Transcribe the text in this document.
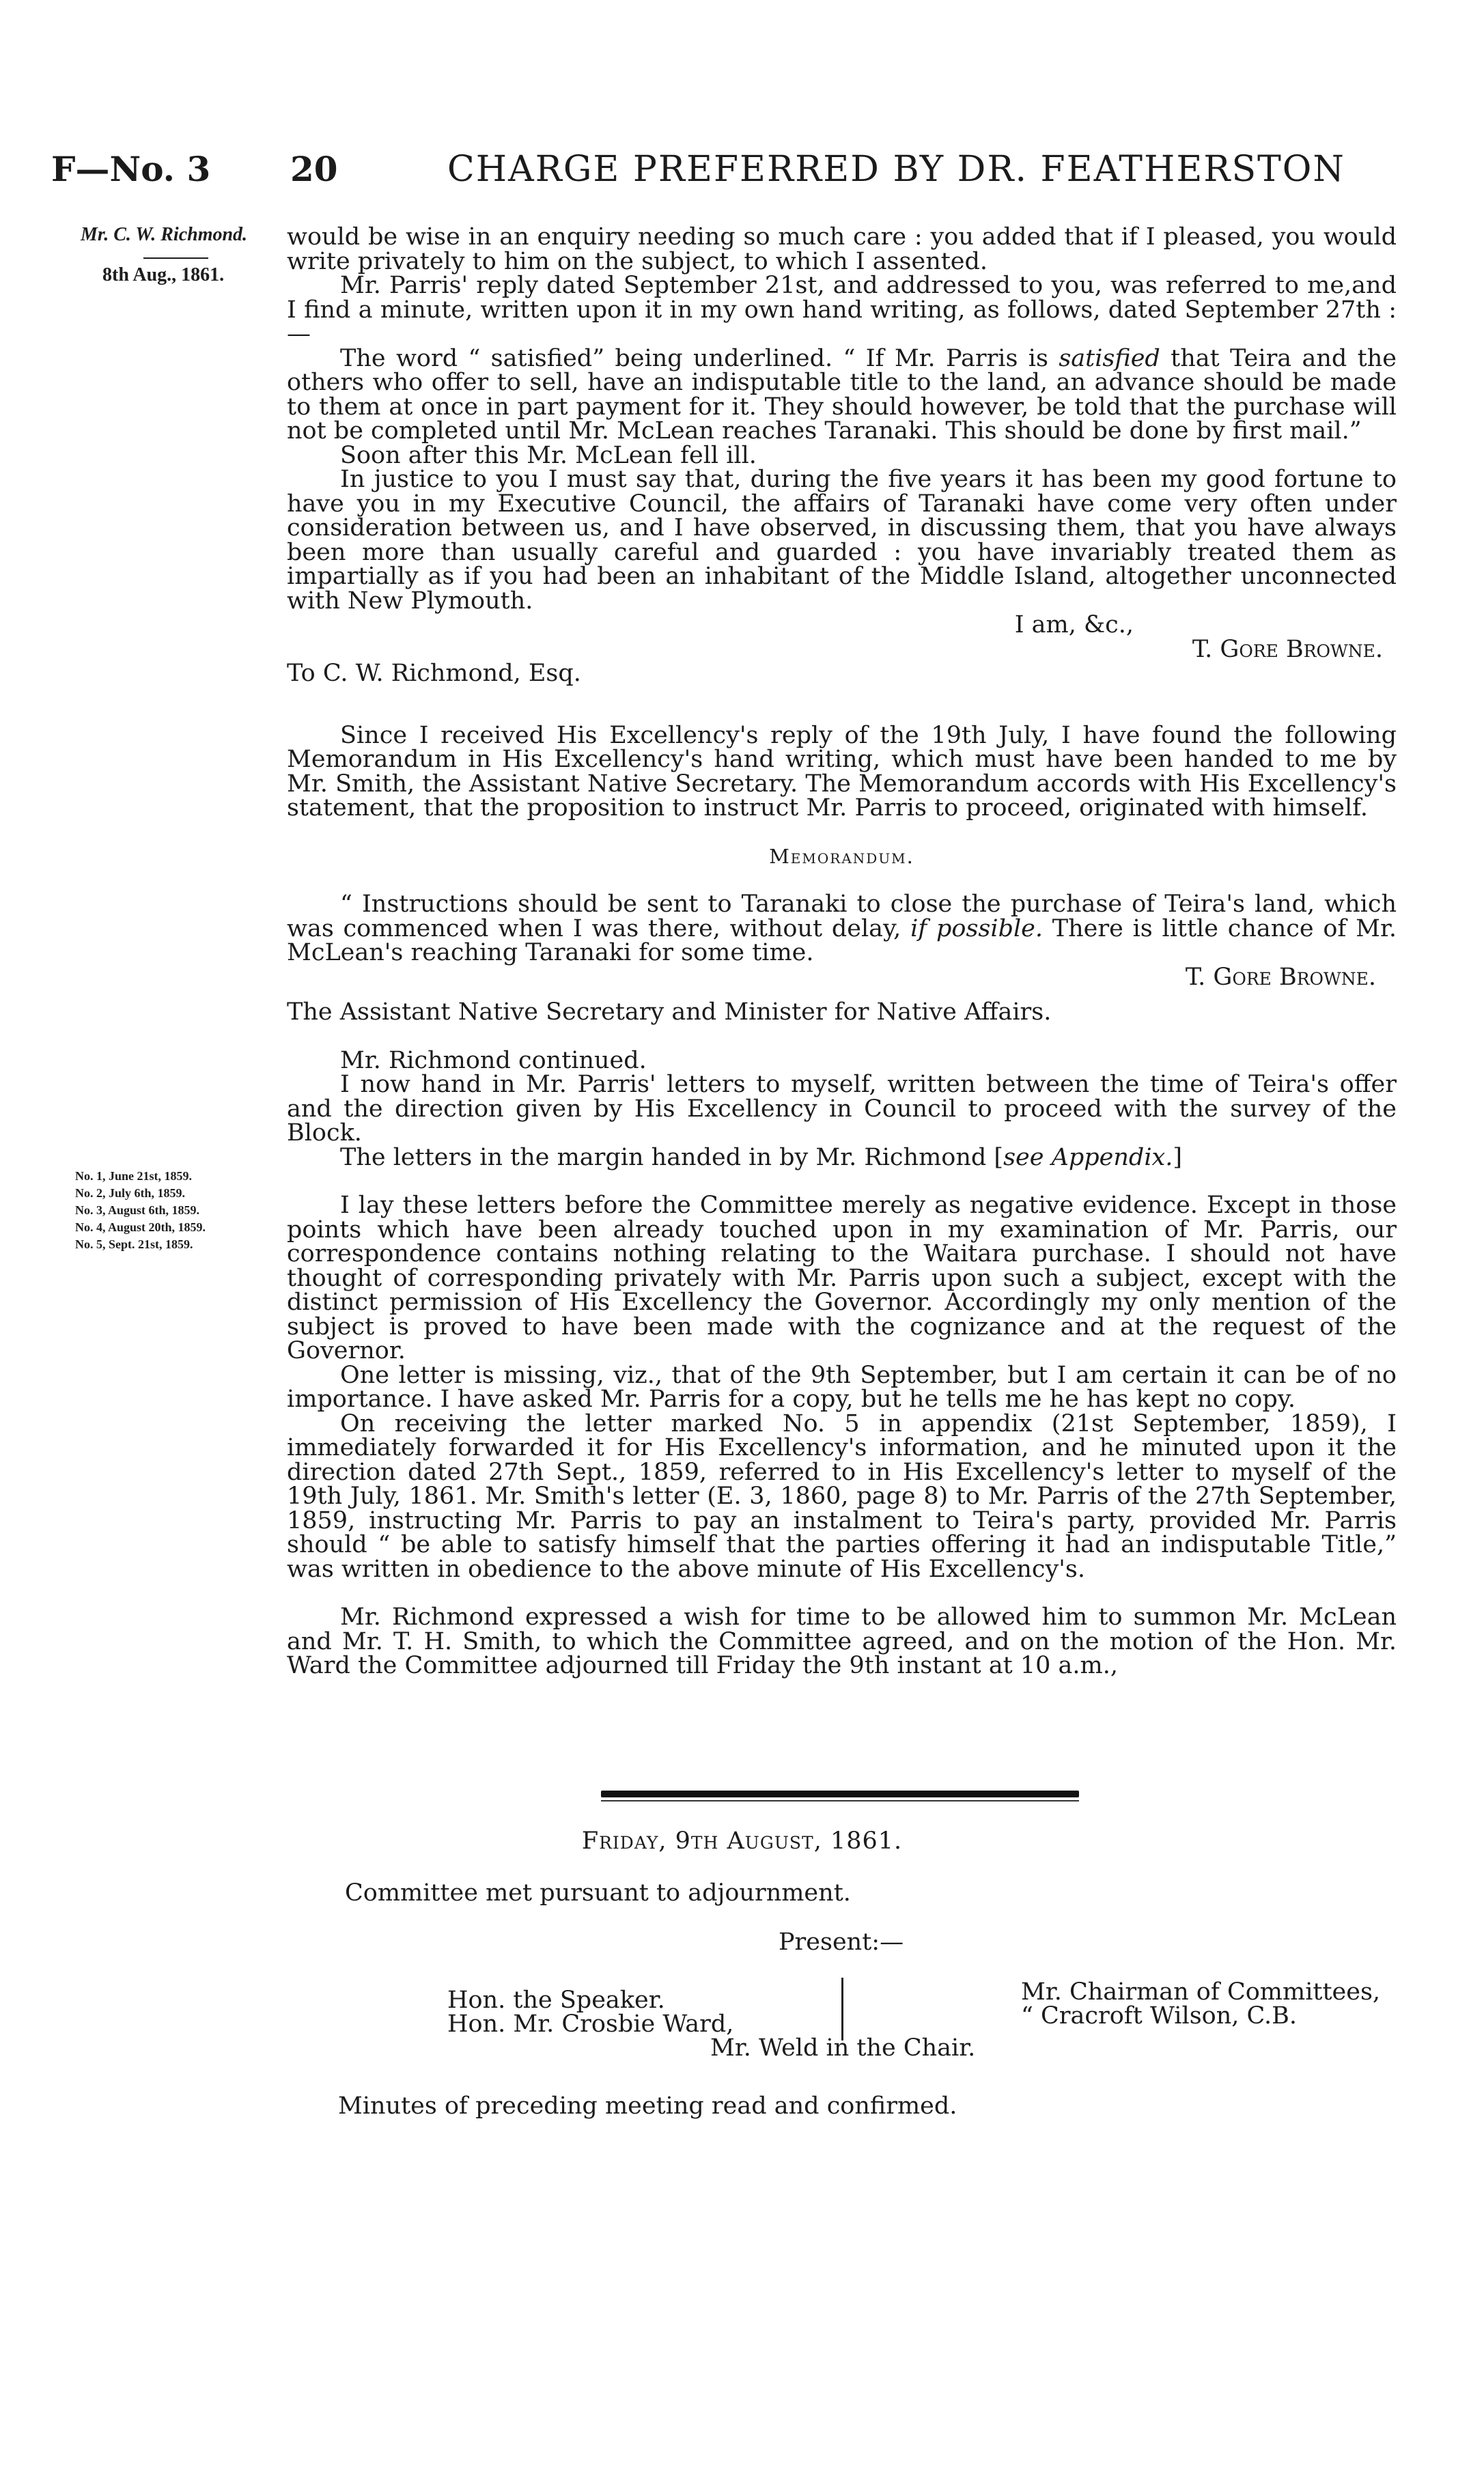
F—No. 3 20	CHARGE PREFERRED BY DR. FEATHERSTON
Mr. C. W. Richmond.
8th Aug., 1861.
No. 1, June 21st, 1859.
No. 2, July 6th, 1859.
No. 3, August 6th, 1859.
No. 4, August 20th, 1859.
No. 5, Sept. 21st, 1859.

would be wise in an enquiry needing so much care : you added that if I pleased, you would write privately to him on the subject, to which I assented.

Mr. Parris' reply dated September 21st, and addressed to you, was referred to me,and I find a minute, written upon it in my own hand writing, as follows, dated September 27th :—

The word “ satisfied” being underlined. “ If Mr. Parris is satisfied that Teira and the others who offer to sell, have an indisputable title to the land, an advance should be made to them at once in part payment for it. They should however, be told that the purchase will not be completed until Mr. McLean reaches Taranaki. This should be done by first mail.”

Soon after this Mr. McLean fell ill.

In justice to you I must say that, during the five years it has been my good fortune to have you in my Executive Council, the affairs of Taranaki have come very often under consideration between us, and I have observed, in discussing them, that you have always been more than usually careful and guarded : you have invariably treated them as impartially as if you had been an inhabitant of the Middle Island, altogether unconnected with New Plymouth.

I am, &c.,

T. Gore Browne.

To C. W. Richmond, Esq.

Since I received His Excellency's reply of the 19th July, I have found the following Memorandum in His Excellency's hand writing, which must have been handed to me by Mr. Smith, the Assistant Native Secretary. The Memorandum accords with His Excellency's statement, that the proposition to instruct Mr. Parris to proceed, originated with himself.

Memorandum.

“ Instructions should be sent to Taranaki to close the purchase of Teira's land, which was commenced when I was there, without delay, if possible. There is little chance of Mr. McLean's reaching Taranaki for some time.

T. Gore Browne.

The Assistant Native Secretary and Minister for Native Affairs.

Mr. Richmond continued.

I now hand in Mr. Parris' letters to myself, written between the time of Teira's offer and the direction given by His Excellency in Council to proceed with the survey of the Block.

The letters in the margin handed in by Mr. Richmond [see Appendix.]

I lay these letters before the Committee merely as negative evidence. Except in those points which have been already touched upon in my examination of Mr. Parris, our correspondence contains nothing relating to the Waitara purchase. I should not have thought of corresponding privately with Mr. Parris upon such a subject, except with the distinct permission of His Excellency the Governor. Accordingly my only mention of the subject is proved to have been made with the cognizance and at the request of the Governor.

One letter is missing, viz., that of the 9th September, but I am certain it can be of no importance. I have asked Mr. Parris for a copy, but he tells me he has kept no copy.

On receiving the letter marked No. 5 in appendix (21st September, 1859), I immediately forwarded it for His Excellency's information, and he minuted upon it the direction dated 27th Sept., 1859, referred to in His Excellency's letter to myself of the 19th July, 1861. Mr. Smith's letter (E. 3, 1860, page 8) to Mr. Parris of the 27th September, 1859, instructing Mr. Parris to pay an instalment to Teira's party, provided Mr. Parris should “ be able to satisfy himself that the parties offering it had an indisputable Title,” was written in obedience to the above minute of His Excellency's.

Mr. Richmond expressed a wish for time to be allowed him to summon Mr. McLean and Mr. T. H. Smith, to which the Committee agreed, and on the motion of the Hon. Mr. Ward the Committee adjourned till Friday the 9th instant at 10 a.m.,

Friday, 9th August, 1861.
Committee met pursuant to adjournment.
Present:—
Hon. the Speaker.
Hon. Mr. Crosbie Ward,
Mr. Chairman of Committees,
“ Cracroft Wilson, C.B.
Mr. Weld in the Chair.
Minutes of preceding meeting read and confirmed.
